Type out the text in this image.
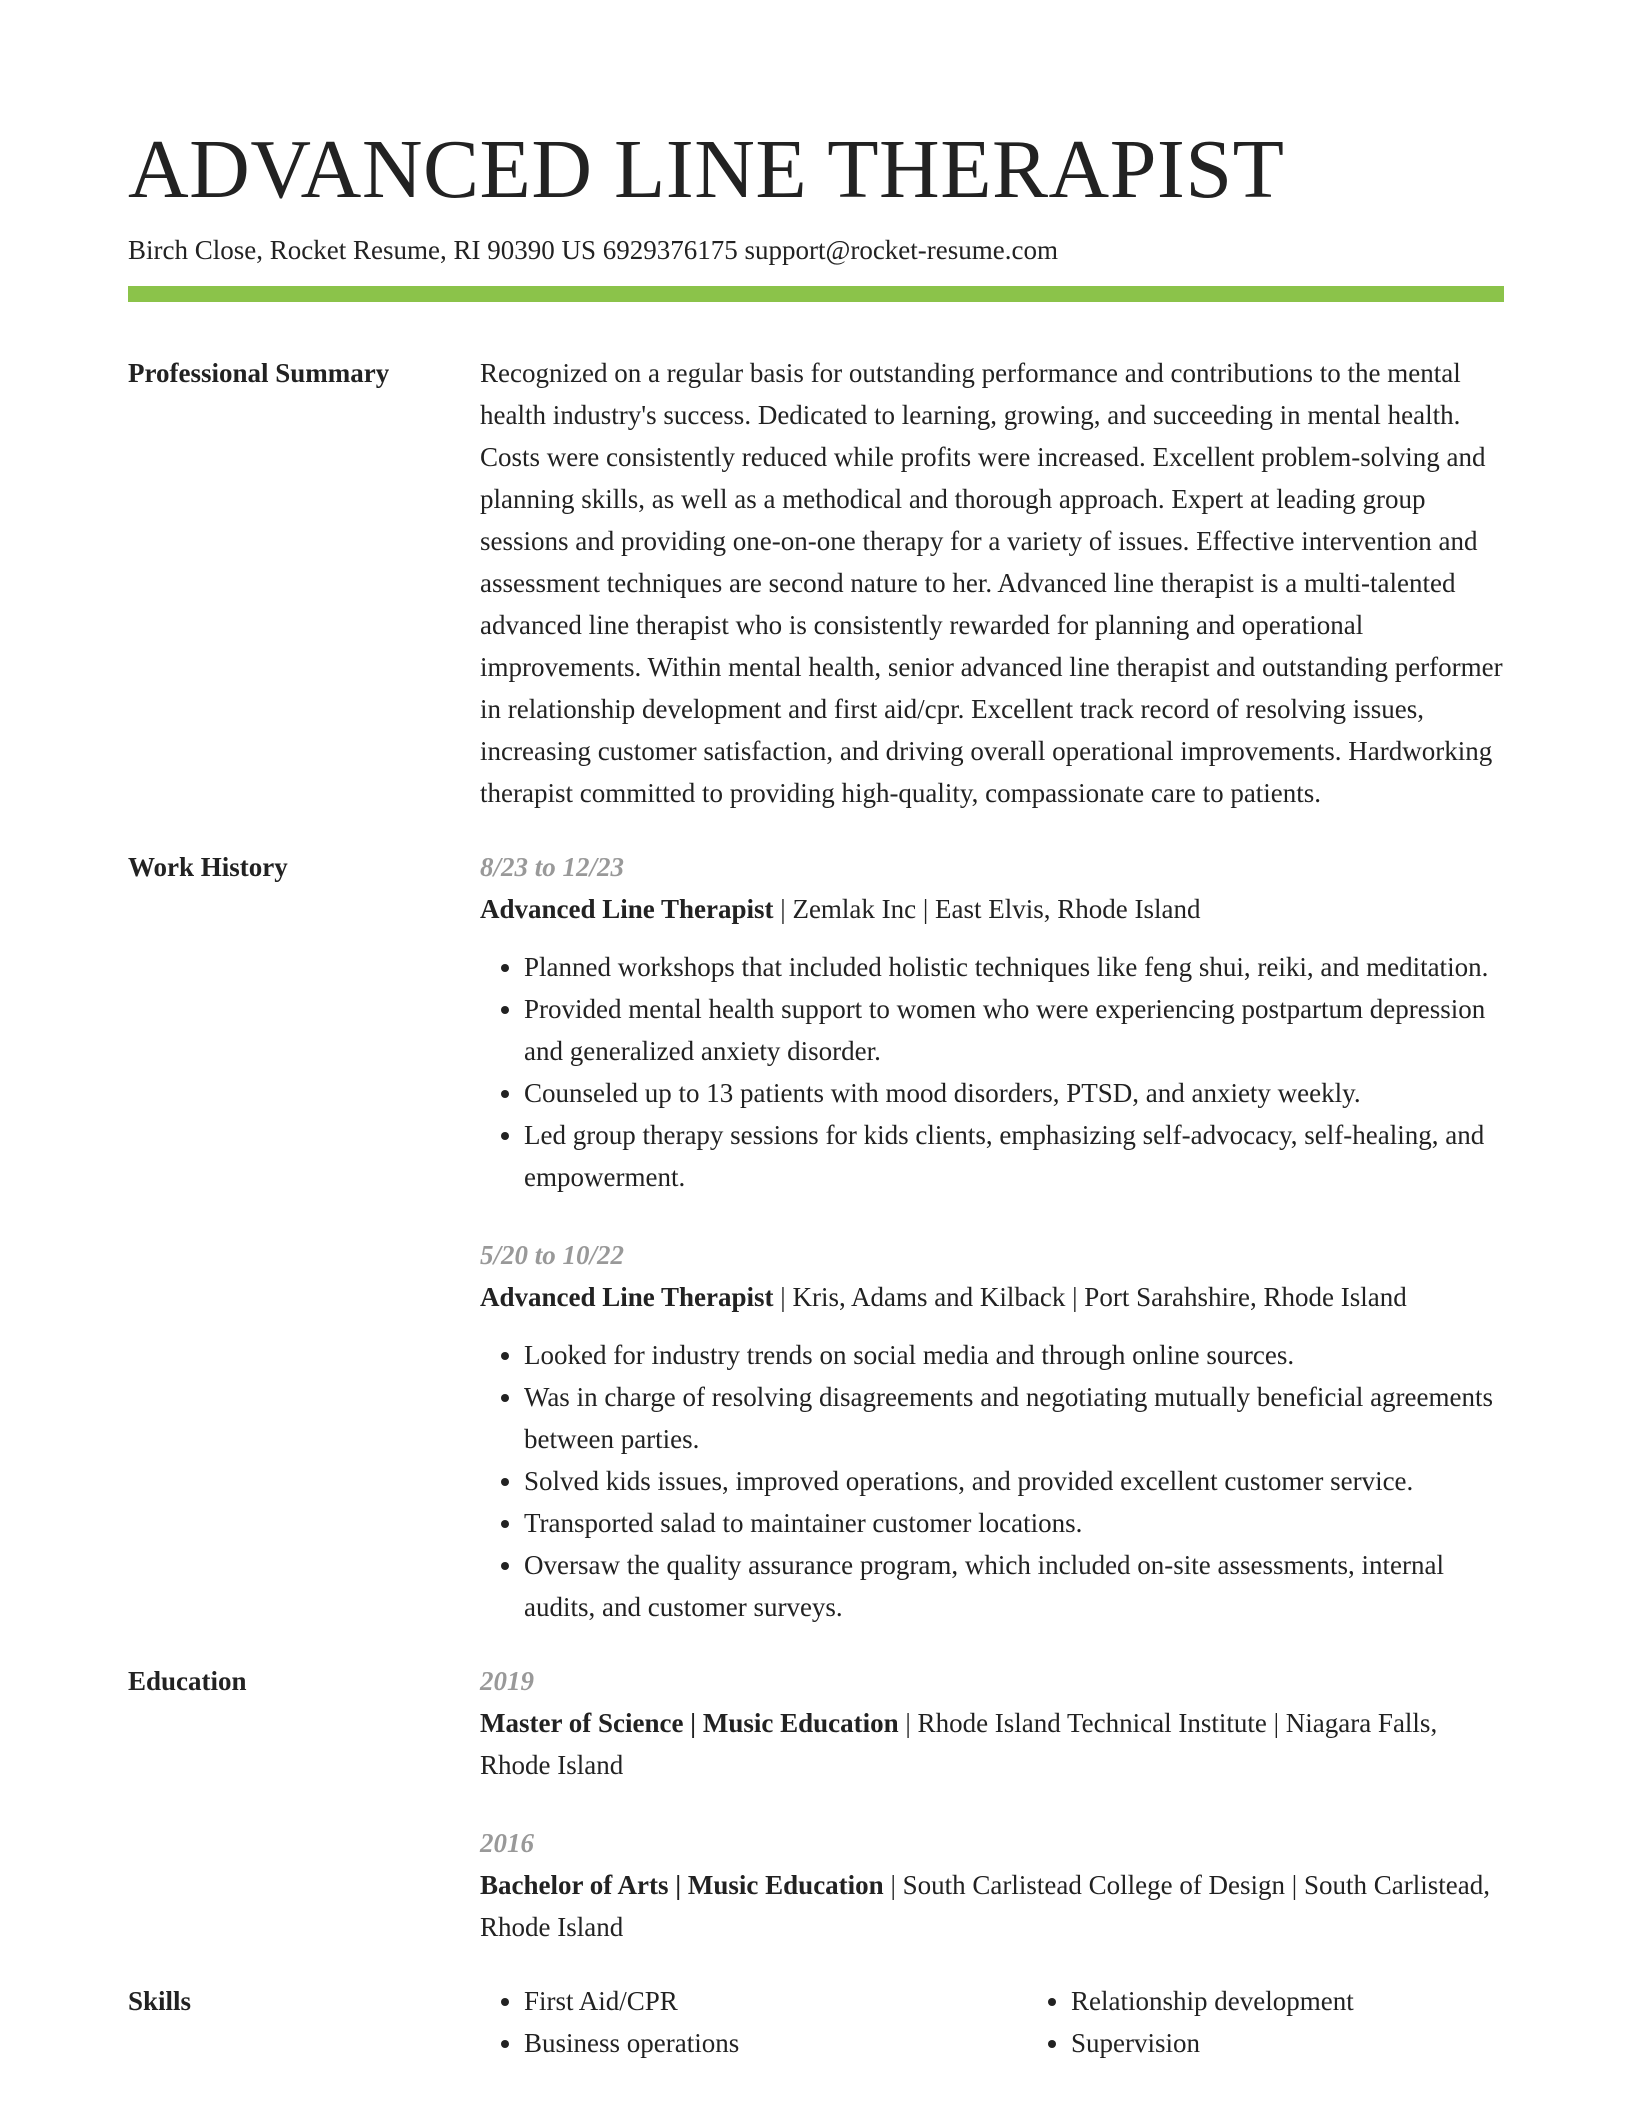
ADVANCED LINE THERAPIST
Birch Close, Rocket Resume, RI 90390 US 6929376175 support@rocket-resume.com
Professional Summary	Recognized on a regular basis for outstanding performance and contributions to the mental health industry's success. Dedicated to learning, growing, and succeeding in mental health. Costs were consistently reduced while profits were increased. Excellent problem-solving and planning skills, as well as a methodical and thorough approach. Expert at leading group sessions and providing one-on-one therapy for a variety of issues. Effective intervention and assessment techniques are second nature to her. Advanced line therapist is a multi-talented advanced line therapist who is consistently rewarded for planning and operational improvements. Within mental health, senior advanced line therapist and outstanding performer in relationship development and first aid/cpr. Excellent track record of resolving issues, increasing customer satisfaction, and driving overall operational improvements. Hardworking therapist committed to providing high-quality, compassionate care to patients.

Work History	8/23 to 12/23
Advanced Line Therapist | Zemlak Inc | East Elvis, Rhode Island
• Planned workshops that included holistic techniques like feng shui, reiki, and meditation.
• Provided mental health support to women who were experiencing postpartum depression and generalized anxiety disorder.
• Counseled up to 13 patients with mood disorders, PTSD, and anxiety weekly.
• Led group therapy sessions for kids clients, emphasizing self-advocacy, self-healing, and empowerment.
5/20 to 10/22
Advanced Line Therapist | Kris, Adams and Kilback | Port Sarahshire, Rhode Island
• Looked for industry trends on social media and through online sources.
• Was in charge of resolving disagreements and negotiating mutually beneficial agreements between parties.
• Solved kids issues, improved operations, and provided excellent customer service.
• Transported salad to maintainer customer locations.
• Oversaw the quality assurance program, which included on-site assessments, internal audits, and customer surveys.
Education	2019
Master of Science | Music Education | Rhode Island Technical Institute | Niagara Falls, Rhode Island
2016
Bachelor of Arts | Music Education | South Carlistead College of Design | South Carlistead, Rhode Island
Skills
•	First Aid/CPR
• Business operations
• Relationship development
• Supervision
